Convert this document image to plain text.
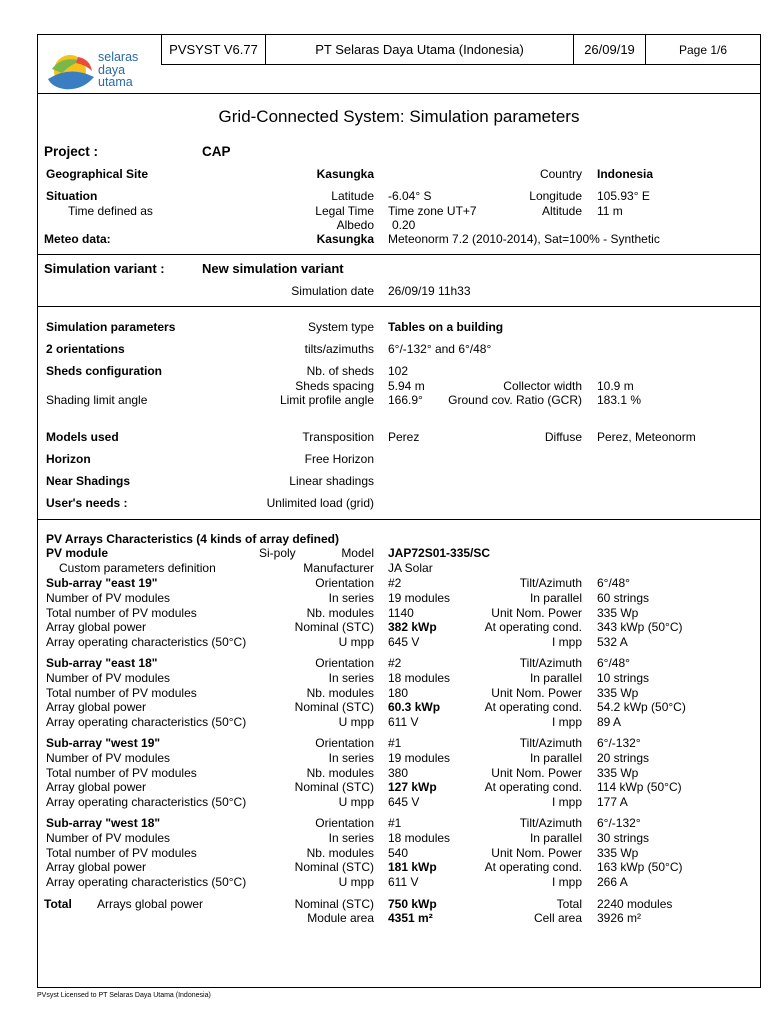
selaras
daya
utama
PVSYST V6.77	PT Selaras Daya Utama (Indonesia)	26/09/19	Page 1/6
Grid-Connected System: Simulation parameters
Project :	CAP
Geographical Site	Kasungka	Country Indonesia
Situation	Latitude -6.04° S	Longitude 105.93° E
Time defined as	Legal Time Time zone UT+7	Altitude 11 m
Albedo 0.20
Meteo data:	Kasungka Meteonorm 7.2 (2010-2014), Sat=100% - Synthetic
Simulation variant :	New simulation variant
Simulation date 26/09/19 11h33
Simulation parameters	System type Tables on a building
2 orientations	tilts/azimuths 6°/-132° and 6°/48°
Sheds configuration	Nb. of sheds 102
Sheds spacing 5.94 m	Collector width 10.9 m
Shading limit angle	Limit profile angle 166.9° Ground cov. Ratio (GCR) 183.1 %
Models used	Transposition Perez	Diffuse Perez, Meteonorm
Horizon	Free Horizon
Near Shadings	Linear shadings
User's needs :	Unlimited load (grid)
PV Arrays Characteristics (4 kinds of array defined)
PV module	Si-poly	Model JAP72S01-335/SC
Custom parameters definition	Manufacturer JA Solar
Sub-array "east 19"	Orientation #2	Tilt/Azimuth 6°/48°
Number of PV modules	In series 19 modules	In parallel 60 strings
Total number of PV modules	Nb. modules 1140	Unit Nom. Power 335 Wp
Array global power	Nominal (STC) 382 kWp	At operating cond. 343 kWp (50°C)
Array operating characteristics (50°C)	U mpp 645 V	I mpp 532 A
Sub-array "east 18"	Orientation #2	Tilt/Azimuth 6°/48°
Number of PV modules	In series 18 modules	In parallel 10 strings
Total number of PV modules	Nb. modules 180	Unit Nom. Power 335 Wp
Array global power	Nominal (STC) 60.3 kWp	At operating cond. 54.2 kWp (50°C)
Array operating characteristics (50°C)	U mpp 611 V	I mpp 89 A
Sub-array "west 19"	Orientation #1	Tilt/Azimuth 6°/-132°
Number of PV modules	In series 19 modules	In parallel 20 strings
Total number of PV modules	Nb. modules 380	Unit Nom. Power 335 Wp
Array global power	Nominal (STC) 127 kWp	At operating cond. 114 kWp (50°C)
Array operating characteristics (50°C)	U mpp 645 V	I mpp 177 A
Sub-array "west 18"	Orientation #1	Tilt/Azimuth 6°/-132°
Number of PV modules	In series 18 modules	In parallel 30 strings
Total number of PV modules	Nb. modules 540	Unit Nom. Power 335 Wp
Array global power	Nominal (STC) 181 kWp	At operating cond. 163 kWp (50°C)
Array operating characteristics (50°C)	U mpp 611 V	I mpp 266 A
Total Arrays global power	Nominal (STC) 750 kWp	Total 2240 modules
Module area 4351 m²	Cell area 3926 m²
PVsyst Licensed to PT Selaras Daya Utama (Indonesia)
